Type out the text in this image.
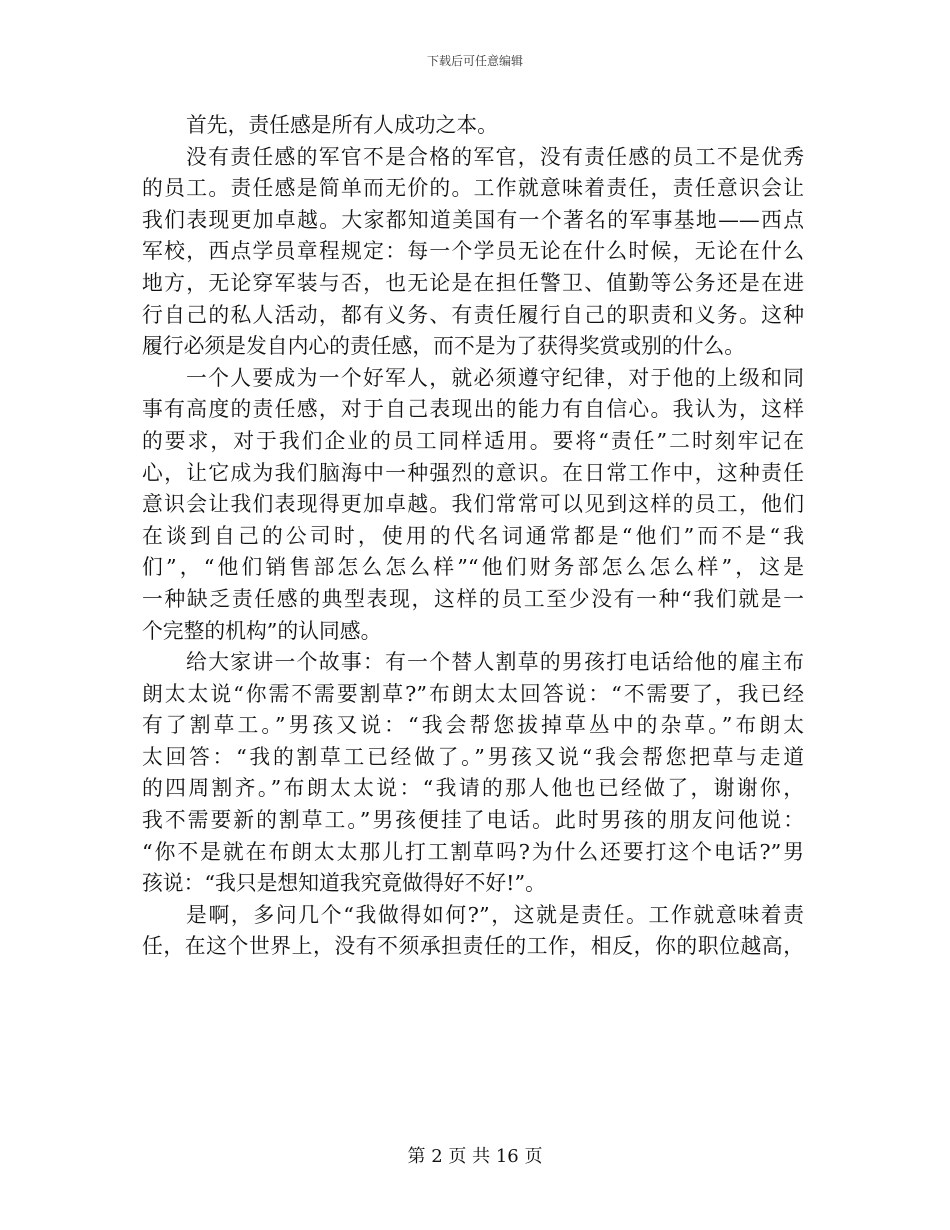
下载后可任意编辑
首先，责任感是所有人成功之本。
没有责任感的军官不是合格的军官，没有责任感的员工不是优秀
的员工。责任感是简单而无价的。工作就意味着责任，责任意识会让
我们表现更加卓越。大家都知道美国有一个著名的军事基地——西点
军校，西点学员章程规定：每一个学员无论在什么时候，无论在什么
地方，无论穿军装与否，也无论是在担任警卫、值勤等公务还是在进
行自己的私人活动，都有义务、有责任履行自己的职责和义务。这种
履行必须是发自内心的责任感，而不是为了获得奖赏或别的什么。
一个人要成为一个好军人，就必须遵守纪律，对于他的上级和同
事有高度的责任感，对于自己表现出的能力有自信心。我认为，这样
的要求，对于我们企业的员工同样适用。要将“责任”二时刻牢记在
心，让它成为我们脑海中一种强烈的意识。在日常工作中，这种责任
意识会让我们表现得更加卓越。我们常常可以见到这样的员工，他们
在谈到自己的公司时，使用的代名词通常都是“他们”而不是“我
们”，“他们销售部怎么怎么样”“他们财务部怎么怎么样”，这是
一种缺乏责任感的典型表现，这样的员工至少没有一种“我们就是一
个完整的机构”的认同感。
给大家讲一个故事：有一个替人割草的男孩打电话给他的雇主布
朗太太说“你需不需要割草?”布朗太太回答说：“不需要了，我已经
有了割草工。”男孩又说：“我会帮您拔掉草丛中的杂草。”布朗太
太回答：“我的割草工已经做了。”男孩又说“我会帮您把草与走道
的四周割齐。”布朗太太说：“我请的那人他也已经做了，谢谢你，
我不需要新的割草工。”男孩便挂了电话。此时男孩的朋友问他说：
“你不是就在布朗太太那儿打工割草吗?为什么还要打这个电话?”男
孩说：“我只是想知道我究竟做得好不好!”。
是啊，多问几个“我做得如何?”，这就是责任。工作就意味着责
任，在这个世界上，没有不须承担责任的工作，相反，你的职位越高，
第 2 页 共 16 页
